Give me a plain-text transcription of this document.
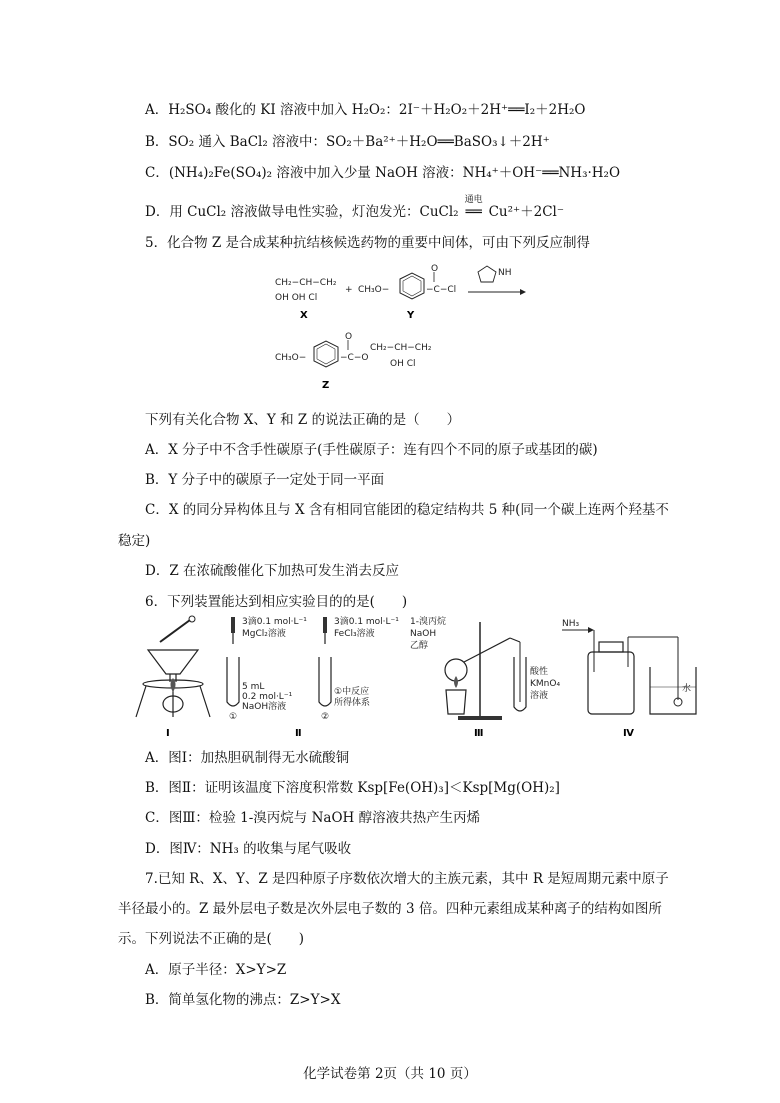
A．H₂SO₄ 酸化的 KI 溶液中加入 H₂O₂：2I⁻＋H₂O₂＋2H⁺══I₂＋2H₂O
B．SO₂ 通入 BaCl₂ 溶液中：SO₂＋Ba²⁺＋H₂O══BaSO₃↓＋2H⁺
C．(NH₄)₂Fe(SO₄)₂ 溶液中加入少量 NaOH 溶液：NH₄⁺＋OH⁻══NH₃·H₂O
D．用 CuCl₂ 溶液做导电性实验，灯泡发光：CuCl₂
通电
══ Cu²⁺＋2Cl⁻
5．化合物 Z 是合成某种抗结核候选药物的重要中间体，可由下列反应制得
CH₂−CH−CH₂
OH OH Cl
X
+ CH₃O−	−C−Cl
O
Y
NH
CH₃O−	−C−O
O
CH₂−CH−CH₂
OH Cl
Z
下列有关化合物 X、Y 和 Z 的说法正确的是（　　）
A．X 分子中不含手性碳原子(手性碳原子：连有四个不同的原子或基团的碳)
B．Y 分子中的碳原子一定处于同一平面
C．X 的同分异构体且与 X 含有相同官能团的稳定结构共 5 种(同一个碳上连两个羟基不
稳定)
D．Z 在浓硫酸催化下加热可发生消去反应
6．下列装置能达到相应实验目的的是(　　)
Ⅰ
3滴0.1 mol·L⁻¹
MgCl₂溶液
5 mL
0.2 mol·L⁻¹
NaOH溶液
①
3滴0.1 mol·L⁻¹
FeCl₃溶液
①中反应
所得体系
②
Ⅱ
1-溴丙烷
NaOH
乙醇
酸性
KMnO₄
溶液
Ⅲ
NH₃
水
Ⅳ
A．图Ⅰ：加热胆矾制得无水硫酸铜
B．图Ⅱ：证明该温度下溶度积常数 Ksp[Fe(OH)₃]＜Ksp[Mg(OH)₂]
C．图Ⅲ：检验 1-溴丙烷与 NaOH 醇溶液共热产生丙烯
D．图Ⅳ：NH₃ 的收集与尾气吸收
7.已知 R、X、Y、Z 是四种原子序数依次增大的主族元素，其中 R 是短周期元素中原子
半径最小的。Z 最外层电子数是次外层电子数的 3 倍。四种元素组成某种离子的结构如图所
示。下列说法不正确的是(　　)
A．原子半径：X>Y>Z
B．简单氢化物的沸点：Z>Y>X
化学试卷第 2页（共 10 页）
